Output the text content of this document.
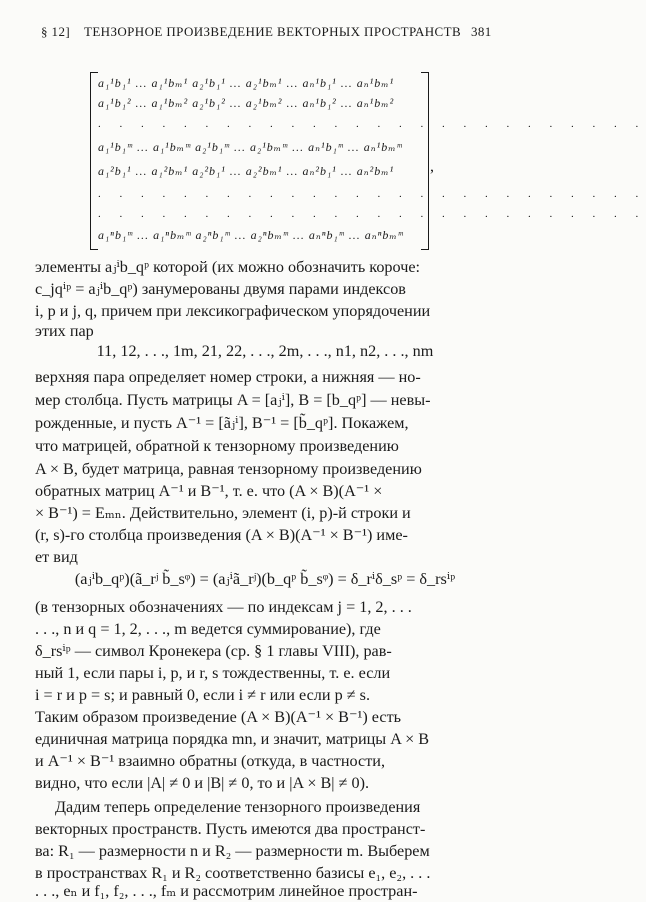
§ 12] ТЕНЗОРНОЕ ПРОИЗВЕДЕНИЕ ВЕКТОРНЫХ ПРОСТРАНСТВ 381
a₁¹b₁¹ ... a₁¹bₘ¹ a₂¹b₁¹ ... a₂¹bₘ¹ ... aₙ¹b₁¹ ... aₙ¹bₘ¹
a₁¹b₁² ... a₁¹bₘ² a₂¹b₁² ... a₂¹bₘ² ... aₙ¹b₁² ... aₙ¹bₘ²
. . . . . . . . . . . . . . . . . . . . . . . . . .
a₁¹b₁ᵐ ... a₁¹bₘᵐ a₂¹b₁ᵐ ... a₂¹bₘᵐ ... aₙ¹b₁ᵐ ... aₙ¹bₘᵐ
a₁²b₁¹ ... a₁²bₘ¹ a₂²b₁¹ ... a₂²bₘ¹ ... aₙ²b₁¹ ... aₙ²bₘ¹
. . . . . . . . . . . . . . . . . . . . . . . . . .
. . . . . . . . . . . . . . . . . . . . . . . . . .
a₁ⁿb₁ᵐ ... a₁ⁿbₘᵐ a₂ⁿb₁ᵐ ... a₂ⁿbₘᵐ ... aₙⁿb₁ᵐ ... aₙⁿbₘᵐ
,
элементы aⱼⁱb_qᵖ которой (их можно обозначить короче:
c_jqⁱᵖ = aⱼⁱb_qᵖ) занумерованы двумя парами индексов
i, p и j, q, причем при лексикографическом упорядочении
этих пар
11, 12, . . ., 1m, 21, 22, . . ., 2m, . . ., n1, n2, . . ., nm
верхняя пара определяет номер строки, а нижняя — но-
мер столбца. Пусть матрицы A = [aⱼⁱ], B = [b_qᵖ] — невы-
рожденные, и пусть A⁻¹ = [ãⱼⁱ], B⁻¹ = [b̃_qᵖ]. Покажем,
что матрицей, обратной к тензорному произведению
A × B, будет матрица, равная тензорному произведению
обратных матриц A⁻¹ и B⁻¹, т. е. что (A × B)(A⁻¹ ×
× B⁻¹) = Eₘₙ. Действительно, элемент (i, p)-й строки и
(r, s)-го столбца произведения (A × B)(A⁻¹ × B⁻¹) име-
ет вид
(aⱼⁱb_qᵖ)(ã_rʲ b̃_sᵠ) = (aⱼⁱã_rʲ)(b_qᵖ b̃_sᵠ) = δ_rⁱδ_sᵖ = δ_rsⁱᵖ
(в тензорных обозначениях — по индексам j = 1, 2, . . .
. . ., n и q = 1, 2, . . ., m ведется суммирование), где
δ_rsⁱᵖ — символ Кронекера (ср. § 1 главы VIII), рав-
ный 1, если пары i, p, и r, s тождественны, т. е. если
i = r и p = s; и равный 0, если i ≠ r или если p ≠ s.
Таким образом произведение (A × B)(A⁻¹ × B⁻¹) есть
единичная матрица порядка mn, и значит, матрицы A × B
и A⁻¹ × B⁻¹ взаимно обратны (откуда, в частности,
видно, что если |A| ≠ 0 и |B| ≠ 0, то и |A × B| ≠ 0).
Дадим теперь определение тензорного произведения
векторных пространств. Пусть имеются два пространст-
ва: R₁ — размерности n и R₂ — размерности m. Выберем
в пространствах R₁ и R₂ соответственно базисы e₁, e₂, . . .
. . ., eₙ и f₁, f₂, . . ., fₘ и рассмотрим линейное простран-
